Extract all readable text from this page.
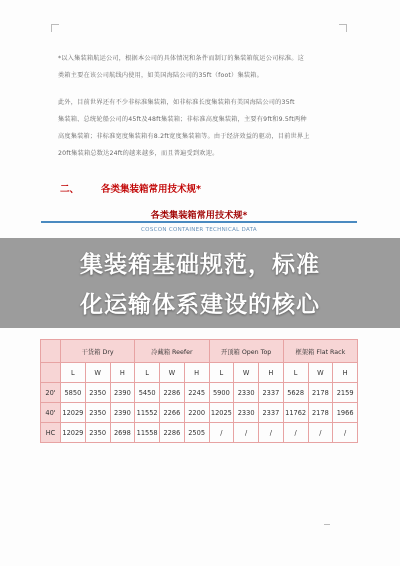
*以入集装箱航运公司，根据本公司的具体情况和条件而制订的集装箱航运公司标准。这
类箱主要在该公司航线内使用，如美国海陆公司的35ft（foot）集装箱。
此外，目前世界还有不少非标准集装箱，如非标准长度集装箱有美国海陆公司的35ft
集装箱、总统轮船公司的45ft及48ft集装箱；非标准高度集装箱，主要有9ft和9.5ft两种
高度集装箱；非标准宽度集装箱有8.2ft宽度集装箱等。由于经济效益的驱动，目前世界上
20ft集装箱总数达24ft的越来越多，而且普遍受到欢迎。
二、 各类集装箱常用技术规*
各类集装箱常用技术规*
COSCON CONTAINER TECHNICAL DATA
集装箱基础规范，标准
化运输体系建设的核心
	干货箱 Dry			冷藏箱 Reefer			开顶箱 Open Top			框架箱 Flat Rack		
	L	W	H	L	W	H	L	W	H	L	W	H
20'	5850	2350	2390	5450	2286	2245	5900	2330	2337	5628	2178	2159
40'	12029	2350	2390	11552	2266	2200	12025	2330	2337	11762	2178	1966
HC	12029	2350	2698	11558	2286	2505	/	/	/	/	/	/
